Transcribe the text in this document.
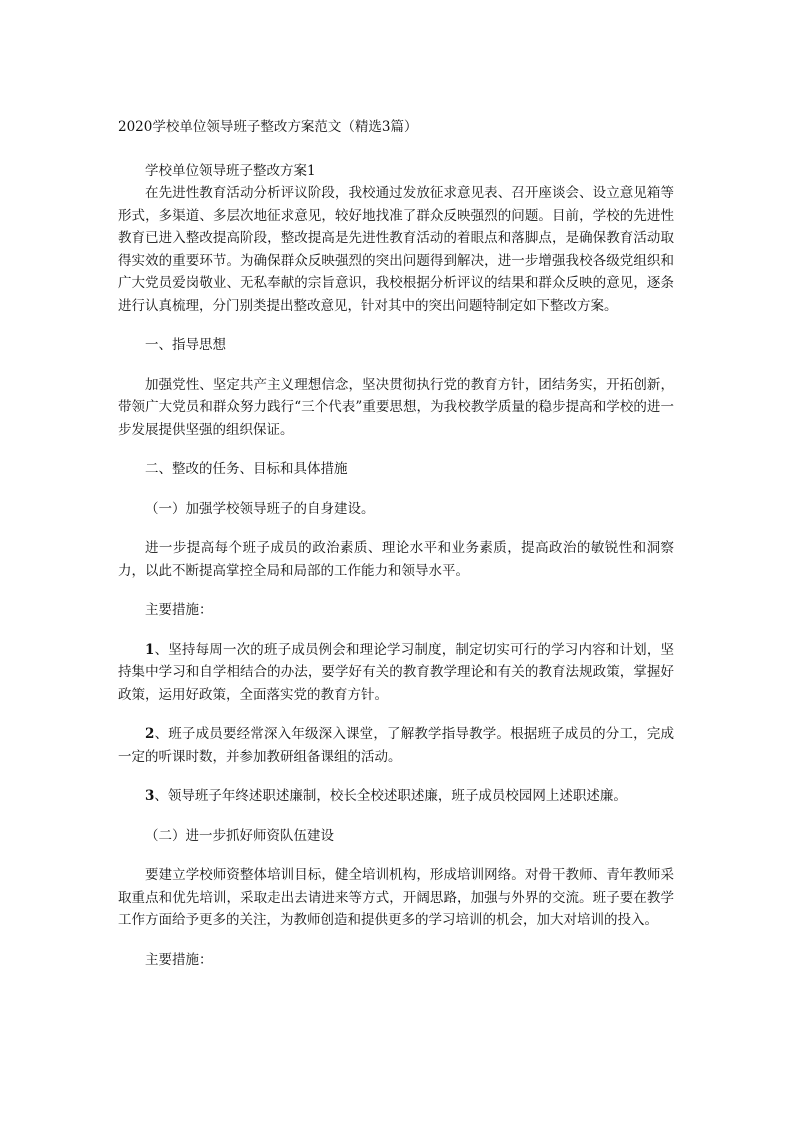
2020学校单位领导班子整改方案范文（精选3篇）

学校单位领导班子整改方案1

在先进性教育活动分析评议阶段，我校通过发放征求意见表、召开座谈会、设立意见箱等形式，多渠道、多层次地征求意见，较好地找准了群众反映强烈的问题。目前，学校的先进性教育已进入整改提高阶段，整改提高是先进性教育活动的着眼点和落脚点，是确保教育活动取得实效的重要环节。为确保群众反映强烈的突出问题得到解决，进一步增强我校各级党组织和广大党员爱岗敬业、无私奉献的宗旨意识，我校根据分析评议的结果和群众反映的意见，逐条进行认真梳理，分门别类提出整改意见，针对其中的突出问题特制定如下整改方案。

一、指导思想

加强党性、坚定共产主义理想信念，坚决贯彻执行党的教育方针，团结务实，开拓创新，带领广大党员和群众努力践行“三个代表”重要思想，为我校教学质量的稳步提高和学校的进一步发展提供坚强的组织保证。

二、整改的任务、目标和具体措施

（一）加强学校领导班子的自身建设。

进一步提高每个班子成员的政治素质、理论水平和业务素质，提高政治的敏锐性和洞察力，以此不断提高掌控全局和局部的工作能力和领导水平。

主要措施：

1、坚持每周一次的班子成员例会和理论学习制度，制定切实可行的学习内容和计划，坚持集中学习和自学相结合的办法，要学好有关的教育教学理论和有关的教育法规政策，掌握好政策，运用好政策，全面落实党的教育方针。

2、班子成员要经常深入年级深入课堂，了解教学指导教学。根据班子成员的分工，完成一定的听课时数，并参加教研组备课组的活动。

3、领导班子年终述职述廉制，校长全校述职述廉，班子成员校园网上述职述廉。

（二）进一步抓好师资队伍建设

要建立学校师资整体培训目标，健全培训机构，形成培训网络。对骨干教师、青年教师采取重点和优先培训，采取走出去请进来等方式，开阔思路，加强与外界的交流。班子要在教学工作方面给予更多的关注，为教师创造和提供更多的学习培训的机会，加大对培训的投入。

主要措施：
